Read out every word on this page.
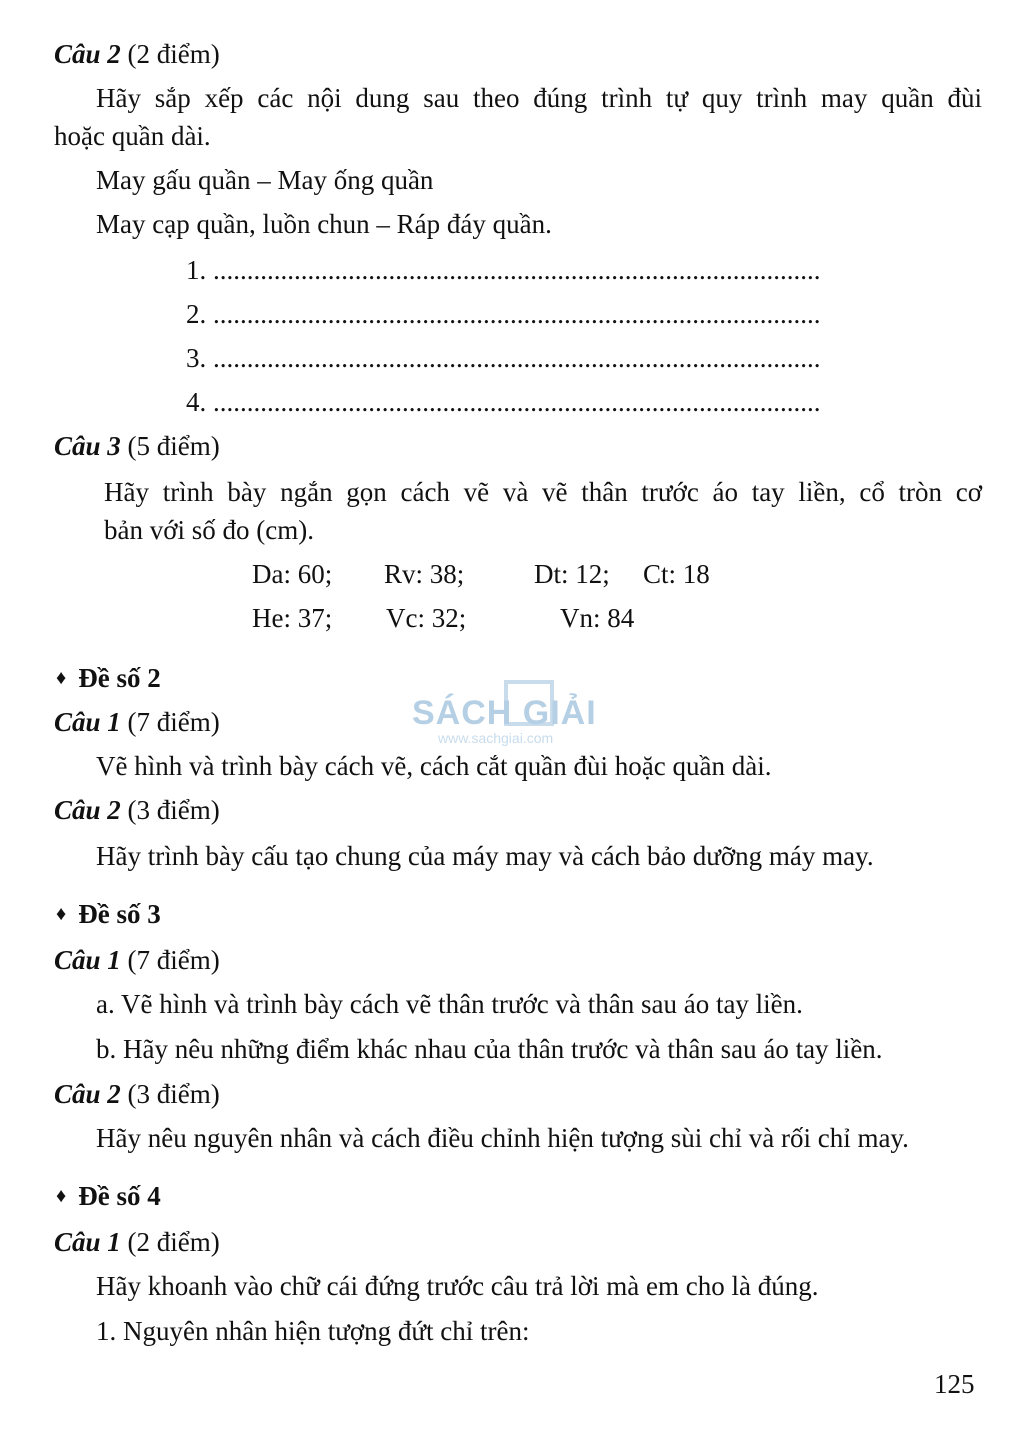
Câu 2 (2 điểm)
Hãy sắp xếp các nội dung sau theo đúng trình tự quy trình may quần đùi
hoặc quần dài.
May gấu quần – May ống quần
May cạp quần, luồn chun – Ráp đáy quần.
1. ..........................................................................................
2. ..........................................................................................
3. ..........................................................................................
4. ..........................................................................................
Câu 3 (5 điểm)
Hãy trình bày ngắn gọn cách vẽ và vẽ thân trước áo tay liền, cổ tròn cơ
bản với số đo (cm).
Da: 60; Rv: 38;	Dt: 12; Ct: 18
He: 37; Vc: 32;	Vn: 84
♦ Đề số 2
Câu 1 (7 điểm)
Vẽ hình và trình bày cách vẽ, cách cắt quần đùi hoặc quần dài.
Câu 2 (3 điểm)
Hãy trình bày cấu tạo chung của máy may và cách bảo dưỡng máy may.
♦ Đề số 3
Câu 1 (7 điểm)
a. Vẽ hình và trình bày cách vẽ thân trước và thân sau áo tay liền.
b. Hãy nêu những điểm khác nhau của thân trước và thân sau áo tay liền.
Câu 2 (3 điểm)
Hãy nêu nguyên nhân và cách điều chỉnh hiện tượng sùi chỉ và rối chỉ may.
♦ Đề số 4
Câu 1 (2 điểm)
Hãy khoanh vào chữ cái đứng trước câu trả lời mà em cho là đúng.
1. Nguyên nhân hiện tượng đứt chỉ trên:
125
SÁCH GIẢI
www.sachgiai.com
